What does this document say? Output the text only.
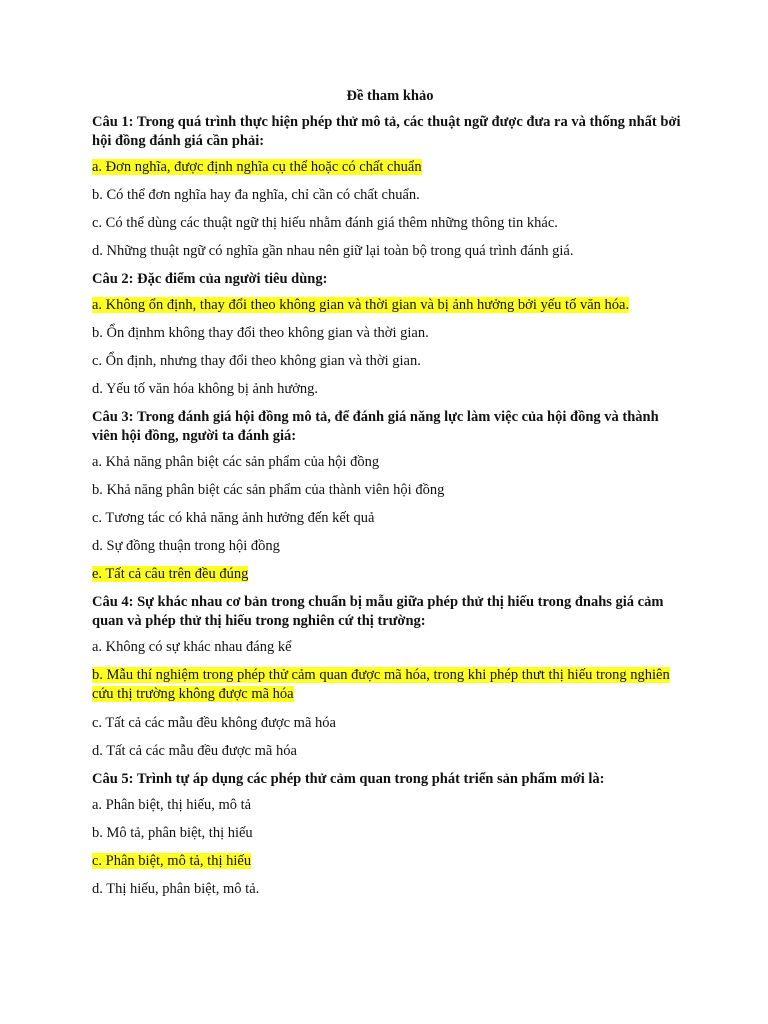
Đề tham khảo
Câu 1: Trong quá trình thực hiện phép thử mô tả, các thuật ngữ được đưa ra và thống nhất bởi hội đồng đánh giá cần phải:
a. Đơn nghĩa, được định nghĩa cụ thể hoặc có chất chuẩn
b. Có thể đơn nghĩa hay đa nghĩa, chỉ cần có chất chuẩn.
c. Có thể dùng các thuật ngữ thị hiếu nhằm đánh giá thêm những thông tin khác.
d. Những thuật ngữ có nghĩa gần nhau nên giữ lại toàn bộ trong quá trình đánh giá.
Câu 2: Đặc điểm của người tiêu dùng:
a. Không ổn định, thay đổi theo không gian và thời gian và bị ảnh hưởng bởi yếu tố văn hóa.
b. Ổn địnhm không thay đổi theo không gian và thời gian.
c. Ổn định, nhưng thay đổi theo không gian và thời gian.
d. Yếu tố văn hóa không bị ảnh hưởng.
Câu 3: Trong đánh giá hội đồng mô tả, để đánh giá năng lực làm việc của hội đồng và thành viên hội đồng, người ta đánh giá:
a. Khả năng phân biệt các sản phẩm của hội đồng
b. Khả năng phân biệt các sản phẩm của thành viên hội đồng
c. Tương tác có khả năng ảnh hưởng đến kết quả
d. Sự đồng thuận trong hội đồng
e. Tất cả câu trên đều đúng
Câu 4: Sự khác nhau cơ bản trong chuẩn bị mẫu giữa phép thử thị hiếu trong đnahs giá cảm quan và phép thử thị hiếu trong nghiên cứ thị trường:
a. Không có sự khác nhau đáng kể
b. Mẫu thí nghiệm trong phép thử cảm quan được mã hóa, trong khi phép thưt thị hiếu trong nghiên cứu thị trường không được mã hóa
c. Tất cả các mẫu đều không được mã hóa
d. Tất cả các mẫu đều được mã hóa
Câu 5: Trình tự áp dụng các phép thử cảm quan trong phát triển sản phẩm mới là:
a. Phân biệt, thị hiếu, mô tả
b. Mô tả, phân biệt, thị hiếu
c. Phân biệt, mô tả, thị hiếu
d. Thị hiếu, phân biệt, mô tả.
